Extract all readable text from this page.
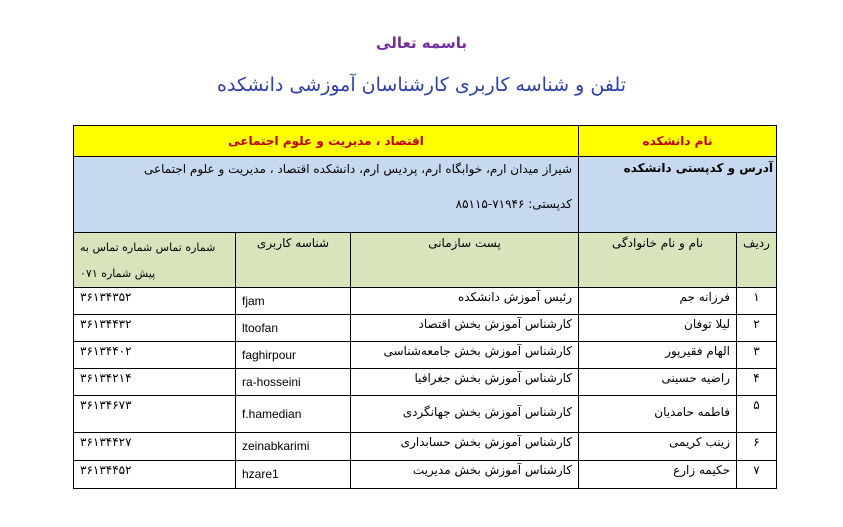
باسمه تعالی
تلفن و شناسه کاربری کارشناسان آموزشی دانشکده
نام دانشکده		اقتصاد ، مدیریت و علوم اجتماعی		
آدرس و کدپستی دانشکده		شیراز میدان ارم، خوابگاه ارم، پردیس ارم، دانشکده اقتصاد ، مدیریت و علوم اجتماعی
کدپستی: ۷۱۹۴۶-۸۵۱۱۵		

ردیف	نام و نام خانوادگی	پست سازمانی	شناسه کاربری	شماره تماس شماره تماس به پیش شماره ۰۷۱
۱	فرزانه جم	رئیس آموزش دانشکده	fjam	۳۶۱۳۴۳۵۲
۲	لیلا توفان	کارشناس آموزش بخش اقتصاد	ltoofan	۳۶۱۳۴۴۳۲
۳	الهام فقیرپور	کارشناس آموزش بخش جامعه‌شناسی	faghirpour	۳۶۱۳۴۴۰۲
۴	راضیه حسینی	کارشناس آموزش بخش جغرافیا	ra-hosseini	۳۶۱۳۴۲۱۴
۵	فاطمه حامدیان	کارشناس آموزش بخش جهانگردی	f.hamedian	۳۶۱۳۴۶۷۳
۶	زینب کریمی	کارشناس آموزش بخش حسابداری	zeinabkarimi	۳۶۱۳۴۴۲۷
۷	حکیمه زارع	کارشناس آموزش بخش مدیریت	hzare1	۳۶۱۳۴۴۵۲
